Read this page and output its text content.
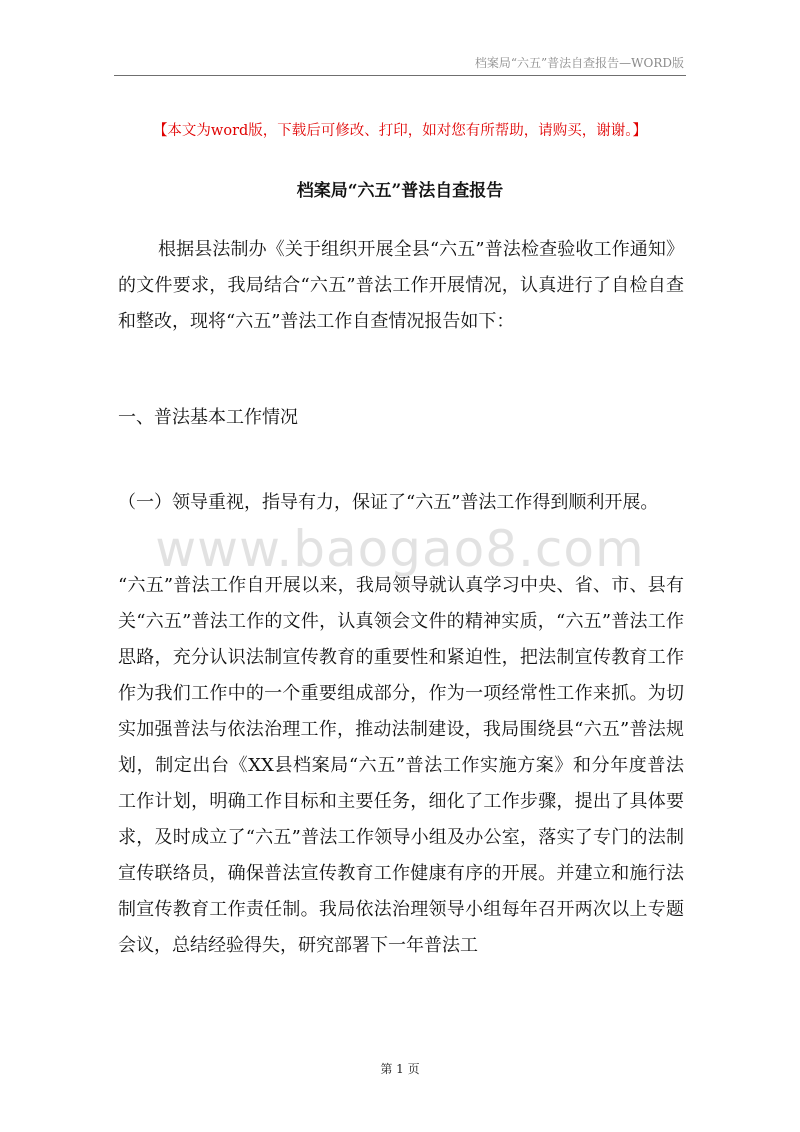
档案局“六五”普法自查报告—WORD版
【本文为word版，下载后可修改、打印，如对您有所帮助，请购买，谢谢。】
档案局“六五”普法自查报告

根据县法制办《关于组织开展全县“六五”普法检查验收工作通知》的文件要求，我局结合“六五”普法工作开展情况，认真进行了自检自查和整改，现将“六五”普法工作自查情况报告如下：

一、普法基本工作情况

（一）领导重视，指导有力，保证了“六五”普法工作得到顺利开展。

www.baogao8.com

“六五”普法工作自开展以来，我局领导就认真学习中央、省、市、县有关“六五”普法工作的文件，认真领会文件的精神实质，“六五”普法工作思路，充分认识法制宣传教育的重要性和紧迫性，把法制宣传教育工作作为我们工作中的一个重要组成部分，作为一项经常性工作来抓。为切实加强普法与依法治理工作，推动法制建设，我局围绕县“六五”普法规划，制定出台《XX县档案局“六五”普法工作实施方案》和分年度普法工作计划，明确工作目标和主要任务，细化了工作步骤，提出了具体要求，及时成立了“六五”普法工作领导小组及办公室，落实了专门的法制宣传联络员，确保普法宣传教育工作健康有序的开展。并建立和施行法制宣传教育工作责任制。我局依法治理领导小组每年召开两次以上专题会议，总结经验得失，研究部署下一年普法工

第 1 页
